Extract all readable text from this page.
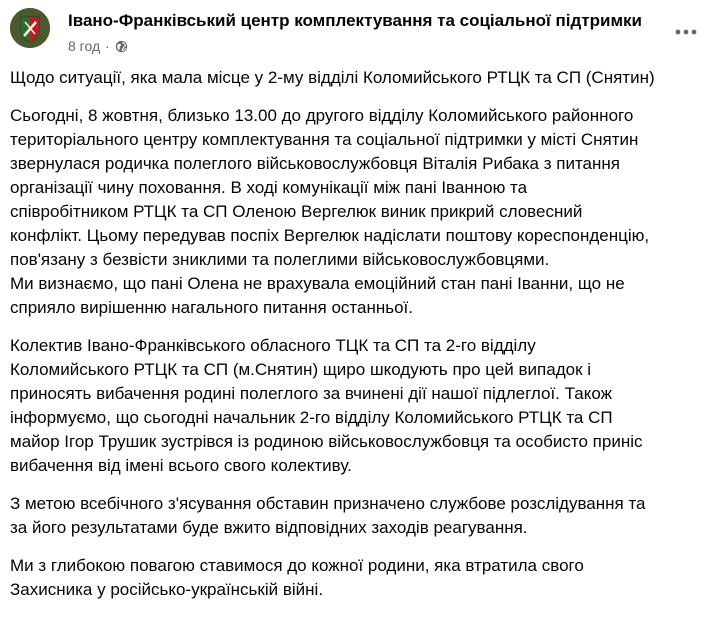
Івано-Франківський центр комплектування та соціальної підтримки
8 год ·

Щодо ситуації, яка мала місце у 2-му відділі Коломийського РТЦК та СП (Снятин)

Сьогодні, 8 жовтня, близько 13.00 до другого відділу Коломийського районного
територіального центру комплектування та соціальної підтримки у місті Снятин
звернулася родичка полеглого військовослужбовця Віталія Рибака з питання
організації чину поховання. В ході комунікації між пані Іванною та
співробітником РТЦК та СП Оленою Вергелюк виник прикрий словесний
конфлікт. Цьому передував поспіх Вергелюк надіслати поштову кореспонденцію,
пов'язану з безвісти зниклими та полеглими військовослужбовцями.
Ми визнаємо, що пані Олена не врахувала емоційний стан пані Іванни, що не
сприяло вирішенню нагального питання останньої.

Колектив Івано-Франківського обласного ТЦК та СП та 2-го відділу
Коломийського РТЦК та СП (м.Снятин) щиро шкодують про цей випадок і
приносять вибачення родині полеглого за вчинені дії нашої підлеглої. Також
інформуємо, що сьогодні начальник 2-го відділу Коломийського РТЦК та СП
майор Ігор Трушик зустрівся із родиною військовослужбовця та особисто приніс
вибачення від імені всього свого колективу.

З метою всебічного з'ясування обставин призначено службове розслідування та
за його результатами буде вжито відповідних заходів реагування.

Ми з глибокою повагою ставимося до кожної родини, яка втратила свого
Захисника у російсько-українській війні.
